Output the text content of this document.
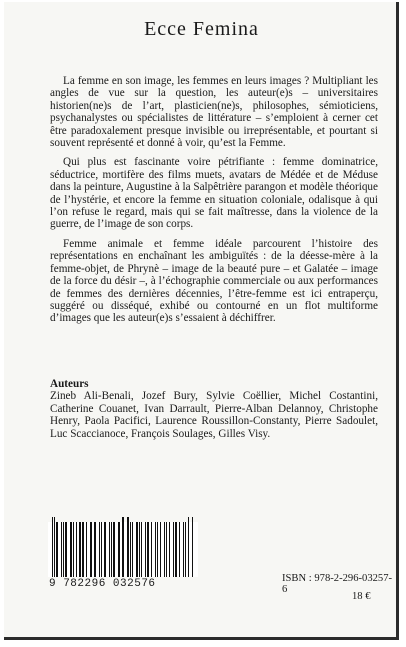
Ecce Femina

La femme en son image, les femmes en leurs images ? Multipliant les angles de vue sur la question, les auteur(e)s – universitaires historien(ne)s de l’art, plasticien(ne)s, philosophes, sémioticiens, psychanalystes ou spécialistes de littérature – s’emploient à cerner cet être paradoxalement presque invisible ou irreprésentable, et pourtant si souvent représenté et donné à voir, qu’est la Femme.

Qui plus est fascinante voire pétrifiante : femme dominatrice, séductrice, mortifère des films muets, avatars de Médée et de Méduse dans la peinture, Augustine à la Salpêtrière parangon et modèle théorique de l’hystérie, et encore la femme en situation coloniale, odalisque à qui l’on refuse le regard, mais qui se fait maîtresse, dans la violence de la guerre, de l’image de son corps.

Femme animale et femme idéale parcourent l’histoire des représentations en enchaînant les ambiguïtés : de la déesse-mère à la femme-objet, de Phrynè – image de la beauté pure – et Galatée – image de la force du désir –, à l’échographie commerciale ou aux performances de femmes des dernières décennies, l’être-femme est ici entraperçu, suggéré ou disséqué, exhibé ou contourné en un flot multiforme d’images que les auteur(e)s s’essaient à déchiffrer.

Auteurs
Zineb Ali-Benali, Jozef Bury, Sylvie Coëllier, Michel Costantini, Catherine Couanet, Ivan Darrault, Pierre-Alban Delannoy, Christophe Henry, Paola Pacifici, Laurence Roussillon-Constanty, Pierre Sadoulet, Luc Scaccianoce, François Soulages, Gilles Visy.
9 782296 032576	ISBN : 978-2-296-03257-6
18 €
